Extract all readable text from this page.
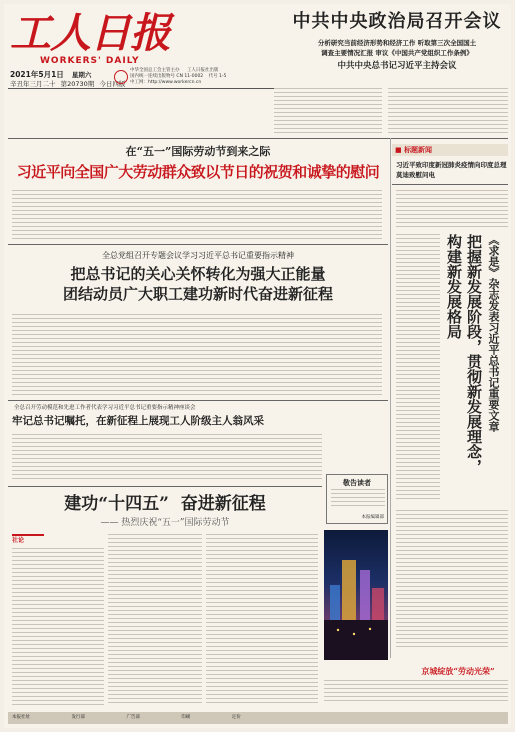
工人日报
WORKERS' DAILY
2021年5月1日 星期六
辛丑年三月二十 第20730期 今日四版
中华全国总工会主管主办 工人日报社出版
国内统一连续出版物号 CN 11-0002 代号 1-5
中工网：http://www.workercn.cn
中共中央政治局召开会议
分析研究当前经济形势和经济工作 听取第三次全国国土
调查主要情况汇报 审议《中国共产党组织工作条例》
中共中央总书记习近平主持会议
■ 标题新闻
习近平致印度新冠肺炎疫情向印度总理莫迪致慰问电
在“五一”国际劳动节到来之际
习近平向全国广大劳动群众致以节日的祝贺和诚挚的慰问
《求是》杂志发表习近平总书记重要文章 把握新发展阶段，贯彻新发展理念， 构建新发展格局
全总党组召开专题会议学习习近平总书记重要指示精神
把总书记的关心关怀转化为强大正能量
团结动员广大职工建功新时代奋进新征程
全总召开劳动模范和先进工作者代表学习习近平总书记重要指示精神座谈会
牢记总书记嘱托，在新征程上展现工人阶级主人翁风采
敬告读者
本报编辑部
建功“十四五”  奋进新征程
—— 热烈庆祝“五一”国际劳动节
社论
京城绽放“劳动光荣”
本报社址	发行部	广告部	印刷	定价
